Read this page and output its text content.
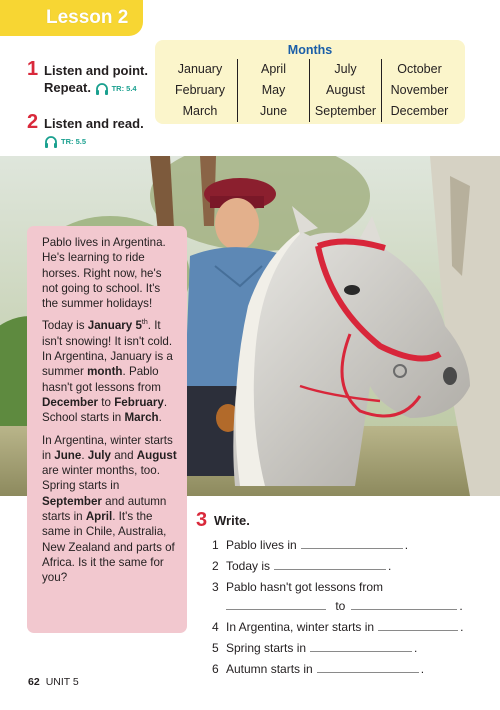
Lesson 2
1 Listen and point.
Repeat.	TR: 5.4
2 Listen and read.
TR: 5.5
Months
January	April	July	October
February	May	August	November
March	June	September	December

Pablo lives in Argentina. He's learning to ride horses. Right now, he's not going to school. It's the summer holidays!

Today is January 5th. It isn't snowing! It isn't cold. In Argentina, January is a summer month. Pablo hasn't got lessons from December to February. School starts in March.

In Argentina, winter starts in June. July and August are winter months, too. Spring starts in September and autumn starts in April. It's the same in Chile, Australia, New Zealand and parts of Africa. Is it the same for you?

3 Write.
1 Pablo lives in	.
2 Today is	.
3 Pablo hasn't got lessons from
to	.
4 In Argentina, winter starts in	.
5 Spring starts in	.
6 Autumn starts in	.
62 UNIT 5
